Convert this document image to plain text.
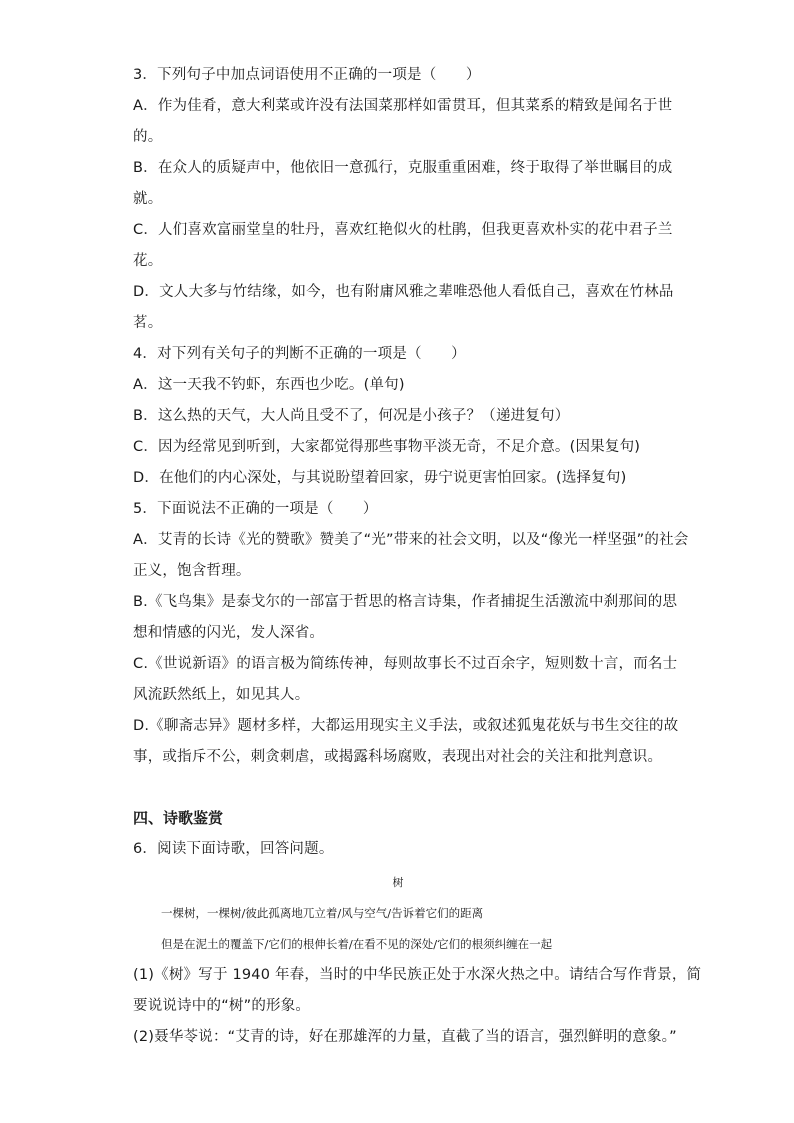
3．下列句子中加点词语使用不正确的一项是（　　）
A．作为佳肴，意大利菜或许没有法国菜那样如雷贯耳，但其菜系的精致是闻名于世
的。
B．在众人的质疑声中，他依旧一意孤行，克服重重困难，终于取得了举世瞩目的成
就。
C．人们喜欢富丽堂皇的牡丹，喜欢红艳似火的杜鹃，但我更喜欢朴实的花中君子兰
花。
D．文人大多与竹结缘，如今，也有附庸风雅之辈唯恐他人看低自己，喜欢在竹林品
茗。
4．对下列有关句子的判断不正确的一项是（　　）
A．这一天我不钓虾，东西也少吃。(单句)
B．这么热的天气，大人尚且受不了，何况是小孩子？（递进复句）
C．因为经常见到听到，大家都觉得那些事物平淡无奇，不足介意。(因果复句)
D．在他们的内心深处，与其说盼望着回家，毋宁说更害怕回家。(选择复句)
5．下面说法不正确的一项是（　　）
A．艾青的长诗《光的赞歌》赞美了“光”带来的社会文明，以及“像光一样坚强”的社会
正义，饱含哲理。
B.《飞鸟集》是泰戈尔的一部富于哲思的格言诗集，作者捕捉生活激流中刹那间的思
想和情感的闪光，发人深省。
C.《世说新语》的语言极为简练传神，每则故事长不过百余字，短则数十言，而名士
风流跃然纸上，如见其人。
D.《聊斋志异》题材多样，大都运用现实主义手法，或叙述狐鬼花妖与书生交往的故
事，或指斥不公，刺贪刺虐，或揭露科场腐败，表现出对社会的关注和批判意识。
四、诗歌鉴赏
6．阅读下面诗歌，回答问题。
树
一棵树，一棵树/彼此孤离地兀立着/风与空气/告诉着它们的距离
但是在泥土的覆盖下/它们的根伸长着/在看不见的深处/它们的根须纠缠在一起
(1)《树》写于 1940 年春，当时的中华民族正处于水深火热之中。请结合写作背景，简
要说说诗中的“树”的形象。
(2)聂华苓说：“艾青的诗，好在那雄浑的力量，直截了当的语言，强烈鲜明的意象。”
